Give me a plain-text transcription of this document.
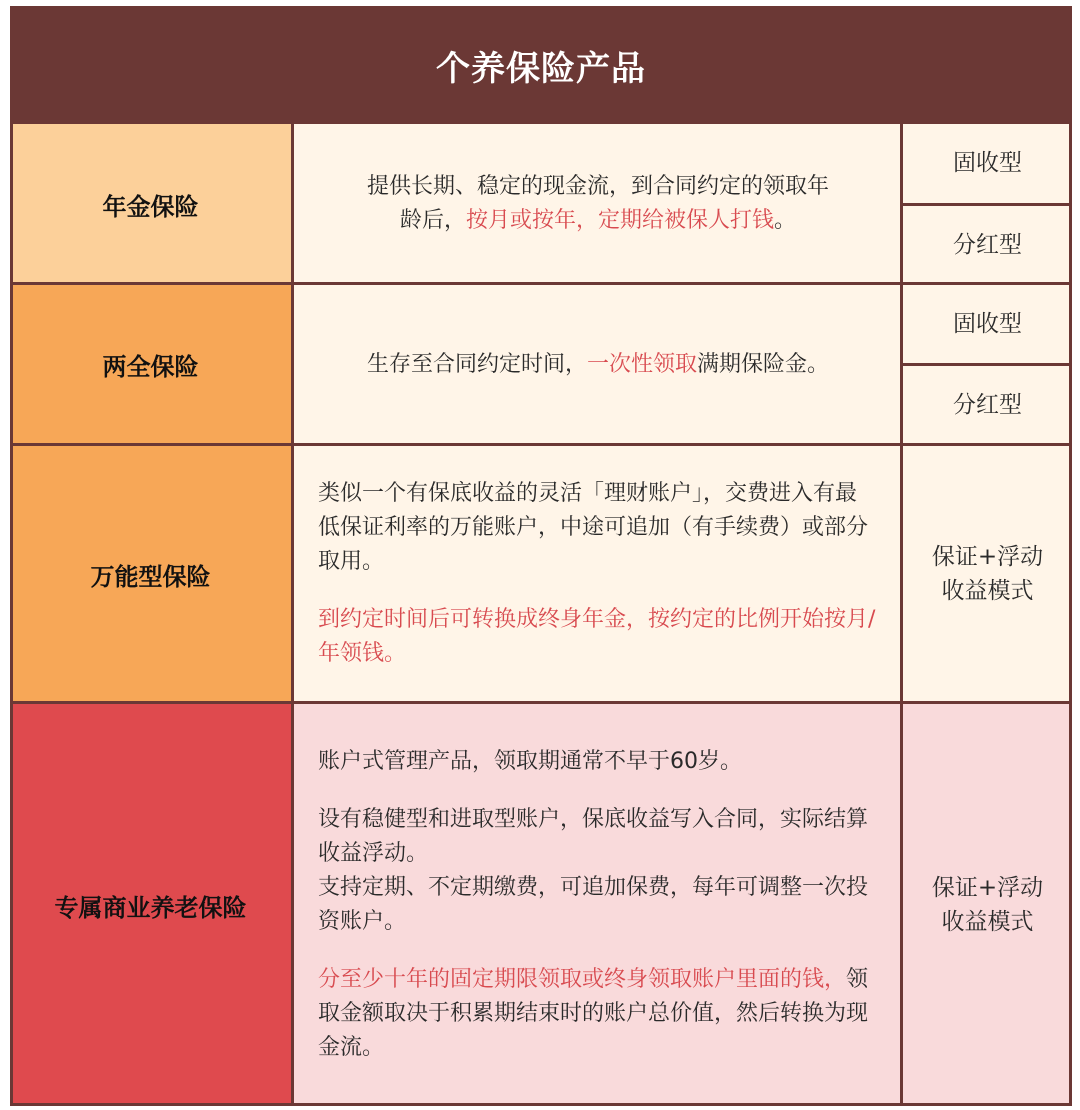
个养保险产品
年金保险

提供长期、稳定的现金流，到合同约定的领取年
龄后，按月或按年，定期给被保人打钱。

固收型
分红型
两全保险	生存至合同约定时间，一次性领取满期保险金。

固收型
分红型
万能型保险

类似一个有保底收益的灵活「理财账户」，交费进入有最低保证利率的万能账户，中途可追加（有手续费）或部分取用。

到约定时间后可转换成终身年金，按约定的比例开始按月/年领钱。

保证+浮动收益模式
专属商业养老保险

账户式管理产品，领取期通常不早于60岁。

设有稳健型和进取型账户，保底收益写入合同，实际结算收益浮动。

支持定期、不定期缴费，可追加保费，每年可调整一次投资账户。

分至少十年的固定期限领取或终身领取账户里面的钱，领取金额取决于积累期结束时的账户总价值，然后转换为现金流。

保证+浮动收益模式
